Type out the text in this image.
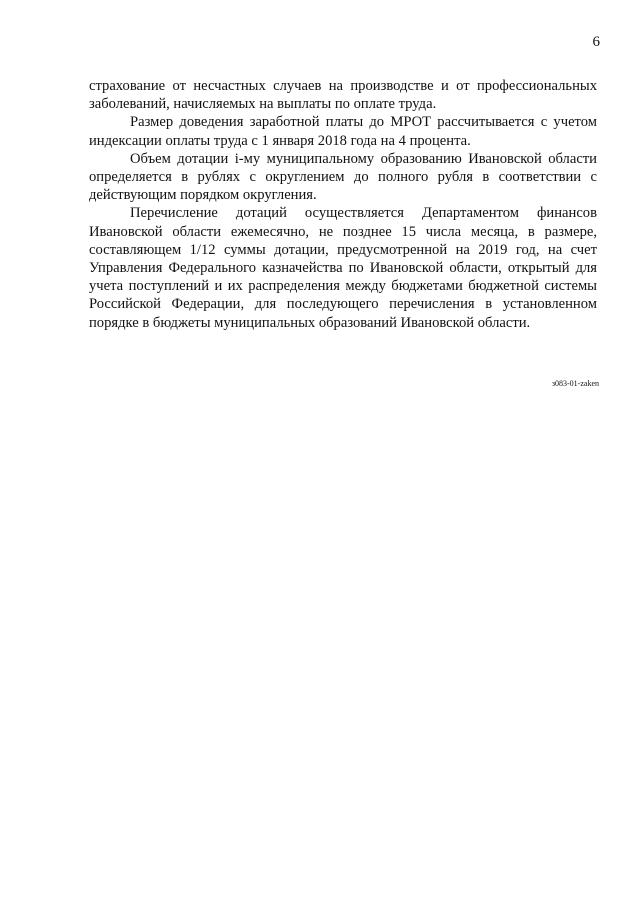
6

страхование от несчастных случаев на производстве и от профессиональных заболеваний, начисляемых на выплаты по оплате труда.

Размер доведения заработной платы до МРОТ рассчитывается с учетом индексации оплаты труда с 1 января 2018 года на 4 процента.

Объем дотации i-му муниципальному образованию Ивановской области определяется в рублях с округлением до полного рубля в соответствии с действующим порядком округления.

Перечисление дотаций осуществляется Департаментом финансов Ивановской области ежемесячно, не позднее 15 числа месяца, в размере, составляющем 1/12 суммы дотации, предусмотренной на 2019 год, на счет Управления Федерального казначейства по Ивановской области, открытый для учета поступлений и их распределения между бюджетами бюджетной системы Российской Федерации, для последующего перечисления в установленном порядке в бюджеты муниципальных образований Ивановской области.

з083-01-zaken
